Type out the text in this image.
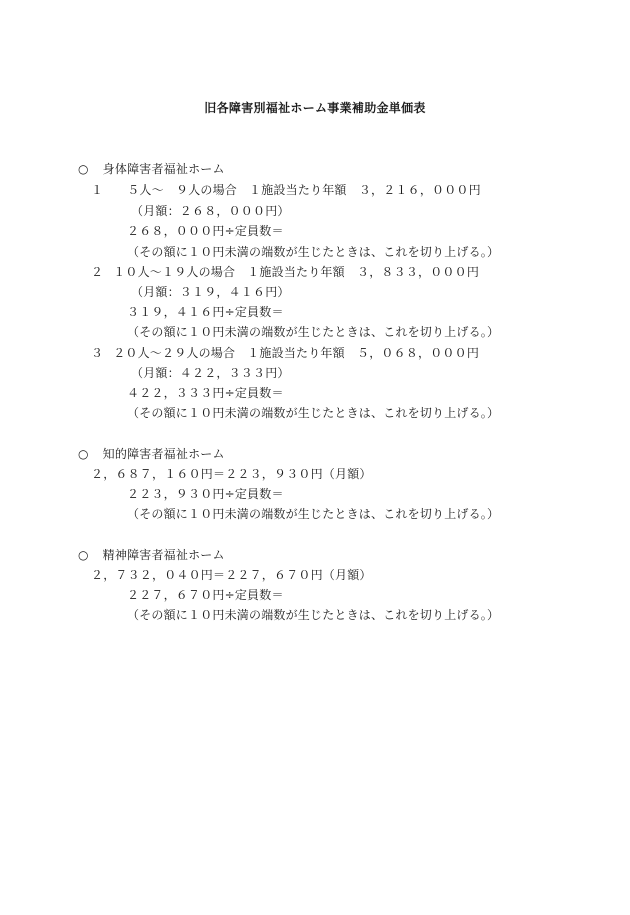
旧各障害別福祉ホーム事業補助金単価表
○ 身体障害者福祉ホーム
１ ５人～　９人の場合 １施設当たり年額　３，２１６，０００円
（月額：２６８，０００円）
２６８，０００円÷定員数＝
（その額に１０円未満の端数が生じたときは、これを切り上げる。）
２ １０人～１９人の場合 １施設当たり年額　３，８３３，０００円
（月額：３１９，４１６円）
３１９，４１６円÷定員数＝
（その額に１０円未満の端数が生じたときは、これを切り上げる。）
３ ２０人～２９人の場合 １施設当たり年額　５，０６８，０００円
（月額：４２２，３３３円）
４２２，３３３円÷定員数＝
（その額に１０円未満の端数が生じたときは、これを切り上げる。）
○ 知的障害者福祉ホーム
２，６８７，１６０円＝２２３，９３０円（月額）
２２３，９３０円÷定員数＝
（その額に１０円未満の端数が生じたときは、これを切り上げる。）
○ 精神障害者福祉ホーム
２，７３２，０４０円＝２２７，６７０円（月額）
２２７，６７０円÷定員数＝
（その額に１０円未満の端数が生じたときは、これを切り上げる。）
